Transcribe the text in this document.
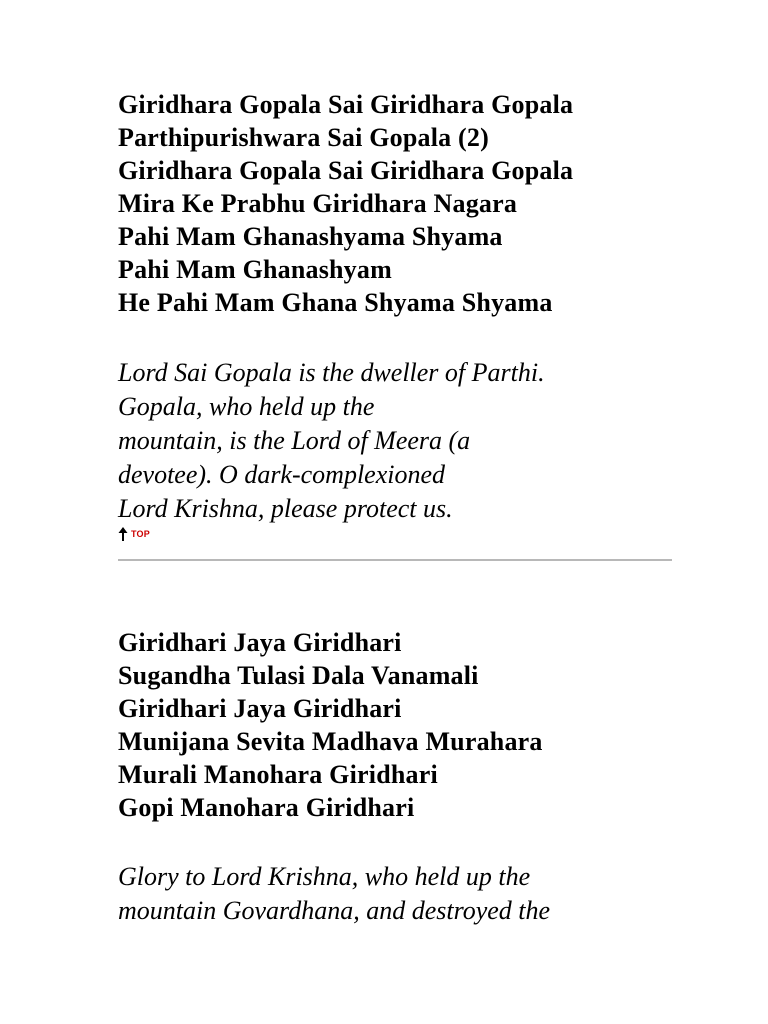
Giridhara Gopala Sai Giridhara Gopala
Parthipurishwara Sai Gopala (2)
Giridhara Gopala Sai Giridhara Gopala
Mira Ke Prabhu Giridhara Nagara
Pahi Mam Ghanashyama Shyama
Pahi Mam Ghanashyam
He Pahi Mam Ghana Shyama Shyama
Lord Sai Gopala is the dweller of Parthi.
Gopala, who held up the
mountain, is the Lord of Meera (a
devotee). O dark-complexioned
Lord Krishna, please protect us.
TOP
Giridhari Jaya Giridhari
Sugandha Tulasi Dala Vanamali
Giridhari Jaya Giridhari
Munijana Sevita Madhava Murahara
Murali Manohara Giridhari
Gopi Manohara Giridhari
Glory to Lord Krishna, who held up the
mountain Govardhana, and destroyed the
